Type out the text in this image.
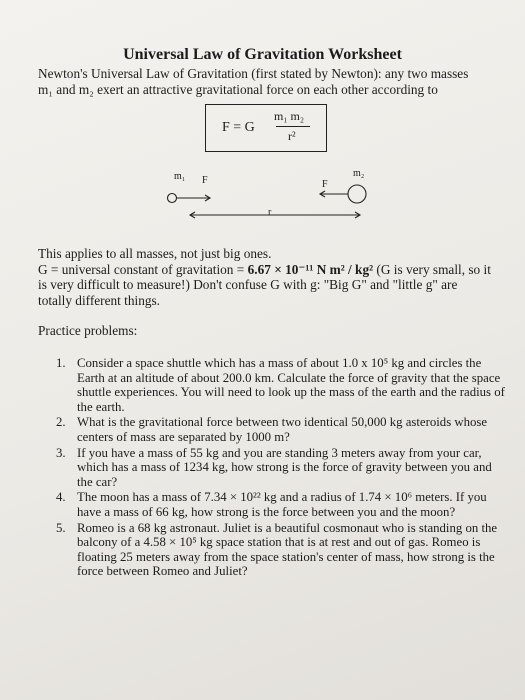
Universal Law of Gravitation Worksheet
Newton's Universal Law of Gravitation (first stated by Newton): any two masses
m₁ and m₂ exert an attractive gravitational force on each other according to
F = G
m₁ m₂
r²
m₁ F	F
m₂
r
This applies to all masses, not just big ones.
G = universal constant of gravitation = 6.67 × 10⁻¹¹ N m² / kg² (G is very small, so it is very difficult to measure!) Don't confuse G with g: "Big G" and "little g" are totally different things.
Practice problems:
1. Consider a space shuttle which has a mass of about 1.0 x 10⁵ kg and circles the Earth at an altitude of about 200.0 km. Calculate the force of gravity that the space shuttle experiences. You will need to look up the mass of the earth and the radius of the earth.
2. What is the gravitational force between two identical 50,000 kg asteroids whose centers of mass are separated by 1000 m?
3. If you have a mass of 55 kg and you are standing 3 meters away from your car, which has a mass of 1234 kg, how strong is the force of gravity between you and the car?
4. The moon has a mass of 7.34 × 10²² kg and a radius of 1.74 × 10⁶ meters. If you have a mass of 66 kg, how strong is the force between you and the moon?
5. Romeo is a 68 kg astronaut. Juliet is a beautiful cosmonaut who is standing on the balcony of a 4.58 × 10⁵ kg space station that is at rest and out of gas. Romeo is floating 25 meters away from the space station's center of mass, how strong is the force between Romeo and Juliet?
